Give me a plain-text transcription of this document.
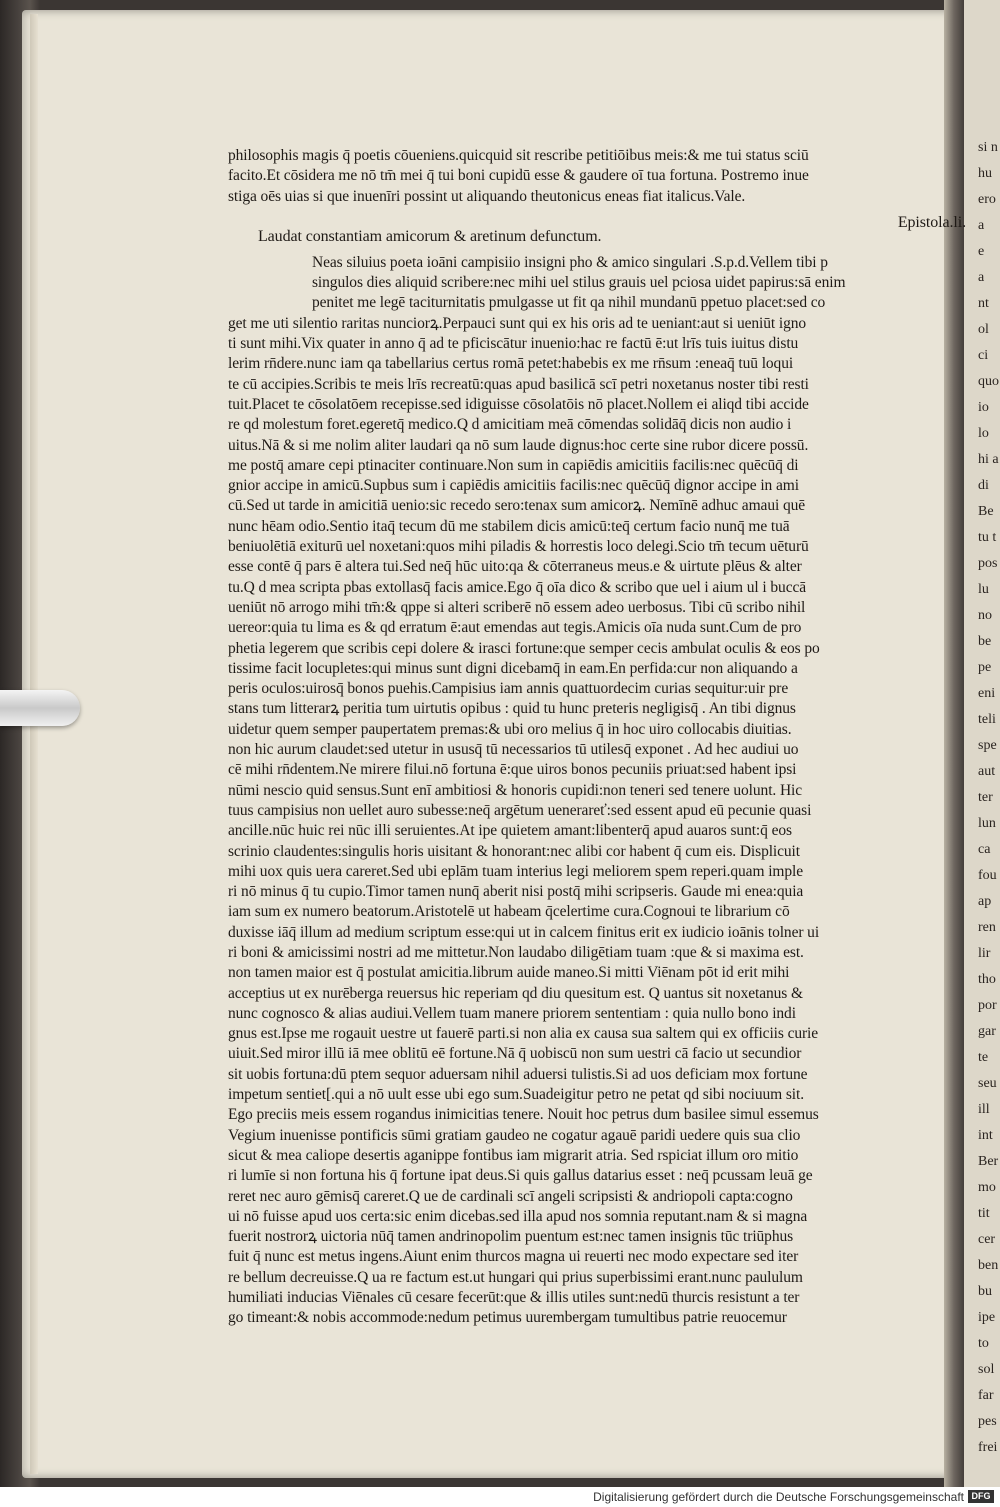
si n
hu
ero
a
e
a
nt
ol
ci
quo
io
lo
hi a
di
Be
tu t
pos
lu
no
be
pe
eni
teli
spe
aut
ter
lun
ca
fou
ap
ren
lir
tho
por
gar
te
seu
ill
int
Ber
mo
tit
cer
ben
bu
ipe
to
sol
far
pes
frei
philosophis magis q̄ poetis cōueniens.quicquid sit rescribe petitiōibus meis:& me tui status sciū
facito.Et cōsidera me nō tm̄ mei q̄ tui boni cupidū esse & gaudere oī tua fortuna. Postremo inue
stiga oēs uias si que inuenīri possint ut aliquando theutonicus eneas fiat italicus.Vale.
Laudat constantiam amicorum & aretinum defunctum.
Epistola.li.
Neas siluius poeta ioāni campisiio insigni pho & amico singulari .S.p.d.Vellem tibi p
singulos dies aliquid scribere:nec mihi uel stilus grauis uel pciosa uidet papirus:sā enim
penitet me legē taciturnitatis pmulgasse ut fit qa nihil mundanū ppetuo placet:sed co
get me uti silentio raritas nunciorꝝ.Perpauci sunt qui ex his oris ad te ueniant:aut si ueniūt igno
ti sunt mihi.Vix quater in anno q̄ ad te pficiscātur inuenio:hac re factū ē:ut lrīs tuis iuitus distu
lerim rn̄dere.nunc iam qa tabellarius certus romā petet:habebis ex me rn̄sum :eneaq̄ tuū loqui
te cū accipies.Scribis te meis lrīs recreatū:quas apud basilicā scī petri noxetanus noster tibi resti
tuit.Placet te cōsolatōem recepisse.sed idiguisse cōsolatōis nō placet.Nollem ei aliqd tibi accide
re qd molestum foret.egeretq̄ medico.Q d amicitiam meā cōmendas solidāq̄ dicis non audio i
uitus.Nā & si me nolim aliter laudari qa nō sum laude dignus:hoc certe sine rubor dicere possū.
me postq̄ amare cepi ptinaciter continuare.Non sum in capiēdis amicitiis facilis:nec quēcūq̄ di
gnior accipe in amicū.Supbus sum i capiēdis amicitiis facilis:nec quēcūq̄ dignor accipe in ami
cū.Sed ut tarde in amicitiā uenio:sic recedo sero:tenax sum amicorꝝ. Nemīnē adhuc amaui quē
nunc hēam odio.Sentio itaq̄ tecum dū me stabilem dicis amicū:teq̄ certum facio nunq̄ me tuā
beniuolētiā exiturū uel noxetani:quos mihi piladis & horrestis loco delegi.Scio tm̄ tecum uēturū
esse contē q̄ pars ē altera tui.Sed neq̄ hūc uito:qa & cōterraneus meus.e & uirtute plēus & alter
tu.Q d mea scripta pbas extollasq̄ facis amice.Ego q̄ oīa dico & scribo que uel i aium ul i buccā
ueniūt nō arrogo mihi tm̄:& qppe si alteri scriberē nō essem adeo uerbosus. Tibi cū scribo nihil
uereor:quia tu lima es & qd erratum ē:aut emendas aut tegis.Amicis oīa nuda sunt.Cum de pro
phetia legerem que scribis cepi dolere & irasci fortune:que semper cecis ambulat oculis & eos po
tissime facit locupletes:qui minus sunt digni dicebamq̄ in eam.En perfida:cur non aliquando a
peris oculos:uirosq̄ bonos puehis.Campisius iam annis quattuordecim curias sequitur:uir pre
stans tum litterarꝝ peritia tum uirtutis opibus : quid tu hunc preteris negligisq̄ . An tibi dignus
uidetur quem semper paupertatem premas:& ubi oro melius q̄ in hoc uiro collocabis diuitias.
non hic aurum claudet:sed utetur in ususq̄ tū necessarios tū utilesq̄ exponet . Ad hec audiui uo
cē mihi rn̄dentem.Ne mirere filui.nō fortuna ē:que uiros bonos pecuniis priuat:sed habent ipsi
nūmi nescio quid sensus.Sunt enī ambitiosi & honoris cupidi:non teneri sed tenere uolunt. Hic
tuus campisius non uellet auro subesse:neq̄ argētum uenerareť:sed essent apud eū pecunie quasi
ancille.nūc huic rei nūc illi seruientes.At ipe quietem amant:libenterq̄ apud auaros sunt:q̄ eos
scrinio claudentes:singulis horis uisitant & honorant:nec alibi cor habent q̄ cum eis. Displicuit
mihi uox quis uera careret.Sed ubi eplām tuam interius legi meliorem spem reperi.quam imple
ri nō minus q̄ tu cupio.Timor tamen nunq̄ aberit nisi postq̄ mihi scripseris. Gaude mi enea:quia
iam sum ex numero beatorum.Aristotelē ut habeam q̄celertime cura.Cognoui te librarium cō
duxisse iāq̄ illum ad medium scriptum esse:qui ut in calcem finitus erit ex iudicio ioānis tolner ui
ri boni & amicissimi nostri ad me mittetur.Non laudabo diligētiam tuam :que & si maxima est.
non tamen maior est q̄ postulat amicitia.librum auide maneo.Si mitti Viēnam pōt id erit mihi
acceptius ut ex nurēberga reuersus hic reperiam qd diu quesitum est. Q uantus sit noxetanus &
nunc cognosco & alias audiui.Vellem tuam manere priorem sententiam : quia nullo bono indi
gnus est.Ipse me rogauit uestre ut fauerē parti.si non alia ex causa sua saltem qui ex officiis curie
uiuit.Sed miror illū iā mee oblitū eē fortune.Nā q̄ uobiscū non sum uestri cā facio ut secundior
sit uobis fortuna:dū ptem sequor aduersam nihil aduersi tulistis.Si ad uos deficiam mox fortune
impetum sentiet[.qui a nō uult esse ubi ego sum.Suadeigitur petro ne petat qd sibi nociuum sit.
Ego preciis meis essem rogandus inimicitias tenere. Nouit hoc petrus dum basilee simul essemus
Vegium inuenisse pontificis sūmi gratiam gaudeo ne cogatur agauē paridi uedere quis sua clio
sicut & mea caliope desertis aganippe fontibus iam migrarit atria. Sed rspiciat illum oro mitio
ri lumīe si non fortuna his q̄ fortune ipat deus.Si quis gallus datarius esset : neq̄ pcussam leuā ge
reret nec auro gēmisq̄ careret.Q ue de cardinali scī angeli scripsisti & andriopoli capta:cogno
ui nō fuisse apud uos certa:sic enim dicebas.sed illa apud nos somnia reputant.nam & si magna
fuerit nostrorꝝ uictoria nūq̄ tamen andrinopolim puentum est:nec tamen insignis tūc triūphus
fuit q̄ nunc est metus ingens.Aiunt enim thurcos magna ui reuerti nec modo expectare sed iter
re bellum decreuisse.Q ua re factum est.ut hungari qui prius superbissimi erant.nunc paululum
humiliati inducias Viēnales cū cesare fecerūt:que & illis utiles sunt:nedū thurcis resistunt a ter
go timeant:& nobis accommode:nedum petimus uurembergam tumultibus patrie reuocemur
Digitalisierung gefördert durch die Deutsche Forschungsgemeinschaft DFG
